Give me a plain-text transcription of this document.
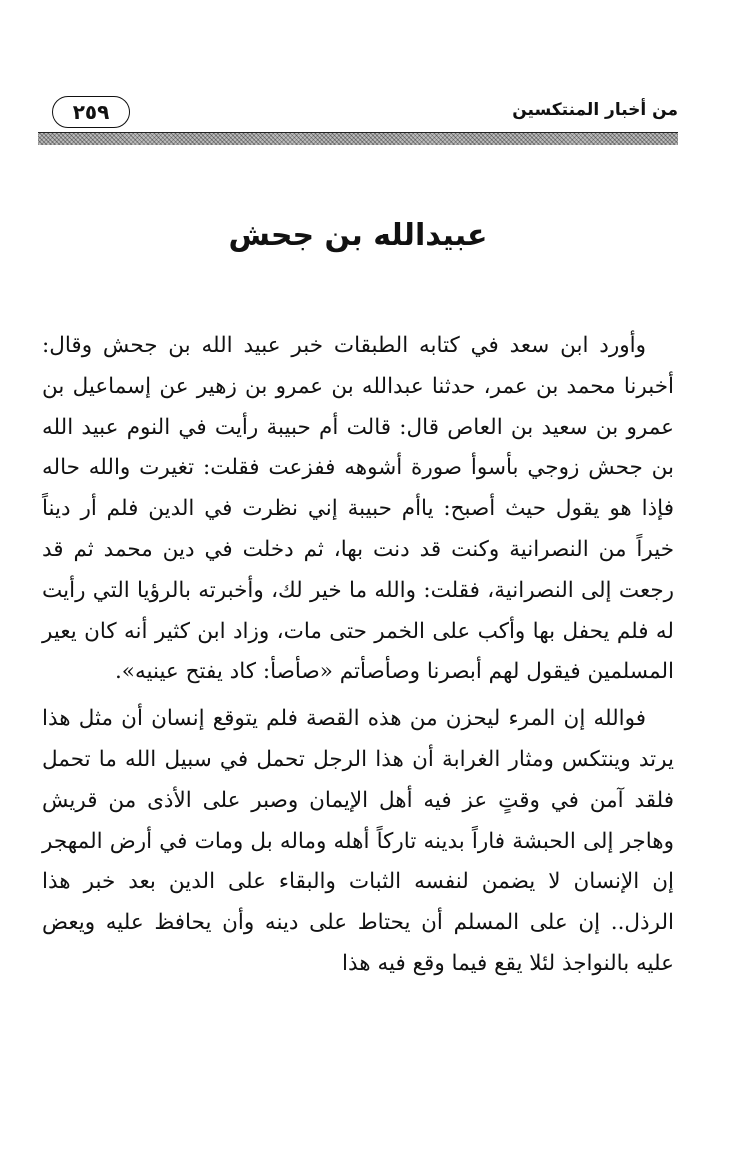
٢٥٩	من أخبار المنتكسين
عبيدالله بن جحش

وأورد ابن سعد في كتابه الطبقات خبر عبيد الله بن جحش وقال: أخبرنا محمد بن عمر، حدثنا عبدالله بن عمرو بن زهير عن إسماعيل بن عمرو بن سعيد بن العاص قال: قالت أم حبيبة رأيت في النوم عبيد الله بن جحش زوجي بأسوأ صورة أشوهه ففزعت فقلت: تغيرت والله حاله فإذا هو يقول حيث أصبح: ياأم حبيبة إني نظرت في الدين فلم أر ديناً خيراً من النصرانية وكنت قد دنت بها، ثم دخلت في دين محمد ثم قد رجعت إلى النصرانية، فقلت: والله ما خير لك، وأخبرته بالرؤيا التي رأيت له فلم يحفل بها وأكب على الخمر حتى مات، وزاد ابن كثير أنه كان يعير المسلمين فيقول لهم أبصرنا وصأصأتم «صأصأ: كاد يفتح عينيه».

فوالله إن المرء ليحزن من هذه القصة فلم يتوقع إنسان أن مثل هذا يرتد وينتكس ومثار الغرابة أن هذا الرجل تحمل في سبيل الله ما تحمل فلقد آمن في وقتٍ عز فيه أهل الإيمان وصبر على الأذى من قريش وهاجر إلى الحبشة فاراً بدينه تاركاً أهله وماله بل ومات في أرض المهجر إن الإنسان لا يضمن لنفسه الثبات والبقاء على الدين بعد خبر هذا الرذل.. إن على المسلم أن يحتاط على دينه وأن يحافظ عليه ويعض عليه بالنواجذ لئلا يقع فيما وقع فيه هذا
